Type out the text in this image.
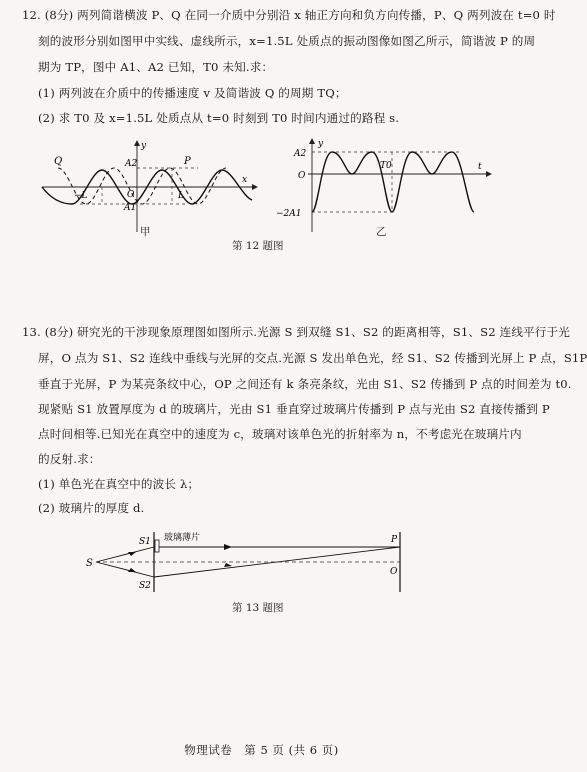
12. (8分) 两列简谐横波 P、Q 在同一介质中分别沿 x 轴正方向和负方向传播，P、Q 两列波在 t=0 时
刻的波形分别如图甲中实线、虚线所示，x=1.5L 处质点的振动图像如图乙所示，简谐波 P 的周
期为 TP，图中 A1、A2 已知，T0 未知.求：
(1) 两列波在介质中的传播速度 v 及简谐波 Q 的周期 TQ；
(2) 求 T0 及 x=1.5L 处质点从 t=0 时刻到 T0 时间内通过的路程 s.
Q	P
A2
A1
O
−L	L
y
x
甲
A2
O
−2A1
T0
y
t
乙
第 12 题图
13. (8分) 研究光的干涉现象原理图如图所示.光源 S 到双缝 S1、S2 的距离相等，S1、S2 连线平行于光
屏，O 点为 S1、S2 连线中垂线与光屏的交点.光源 S 发出单色光，经 S1、S2 传播到光屏上 P 点，S1P
垂直于光屏，P 为某亮条纹中心，OP 之间还有 k 条亮条纹，光由 S1、S2 传播到 P 点的时间差为 t0.
现紧贴 S1 放置厚度为 d 的玻璃片，光由 S1 垂直穿过玻璃片传播到 P 点与光由 S2 直接传播到 P
点时间相等.已知光在真空中的速度为 c，玻璃对该单色光的折射率为 n，不考虑光在玻璃片内
的反射.求：
(1) 单色光在真空中的波长 λ；
(2) 玻璃片的厚度 d.
S
S1
S2
玻璃薄片	P
O
第 13 题图
物理试卷　第 5 页 (共 6 页)
